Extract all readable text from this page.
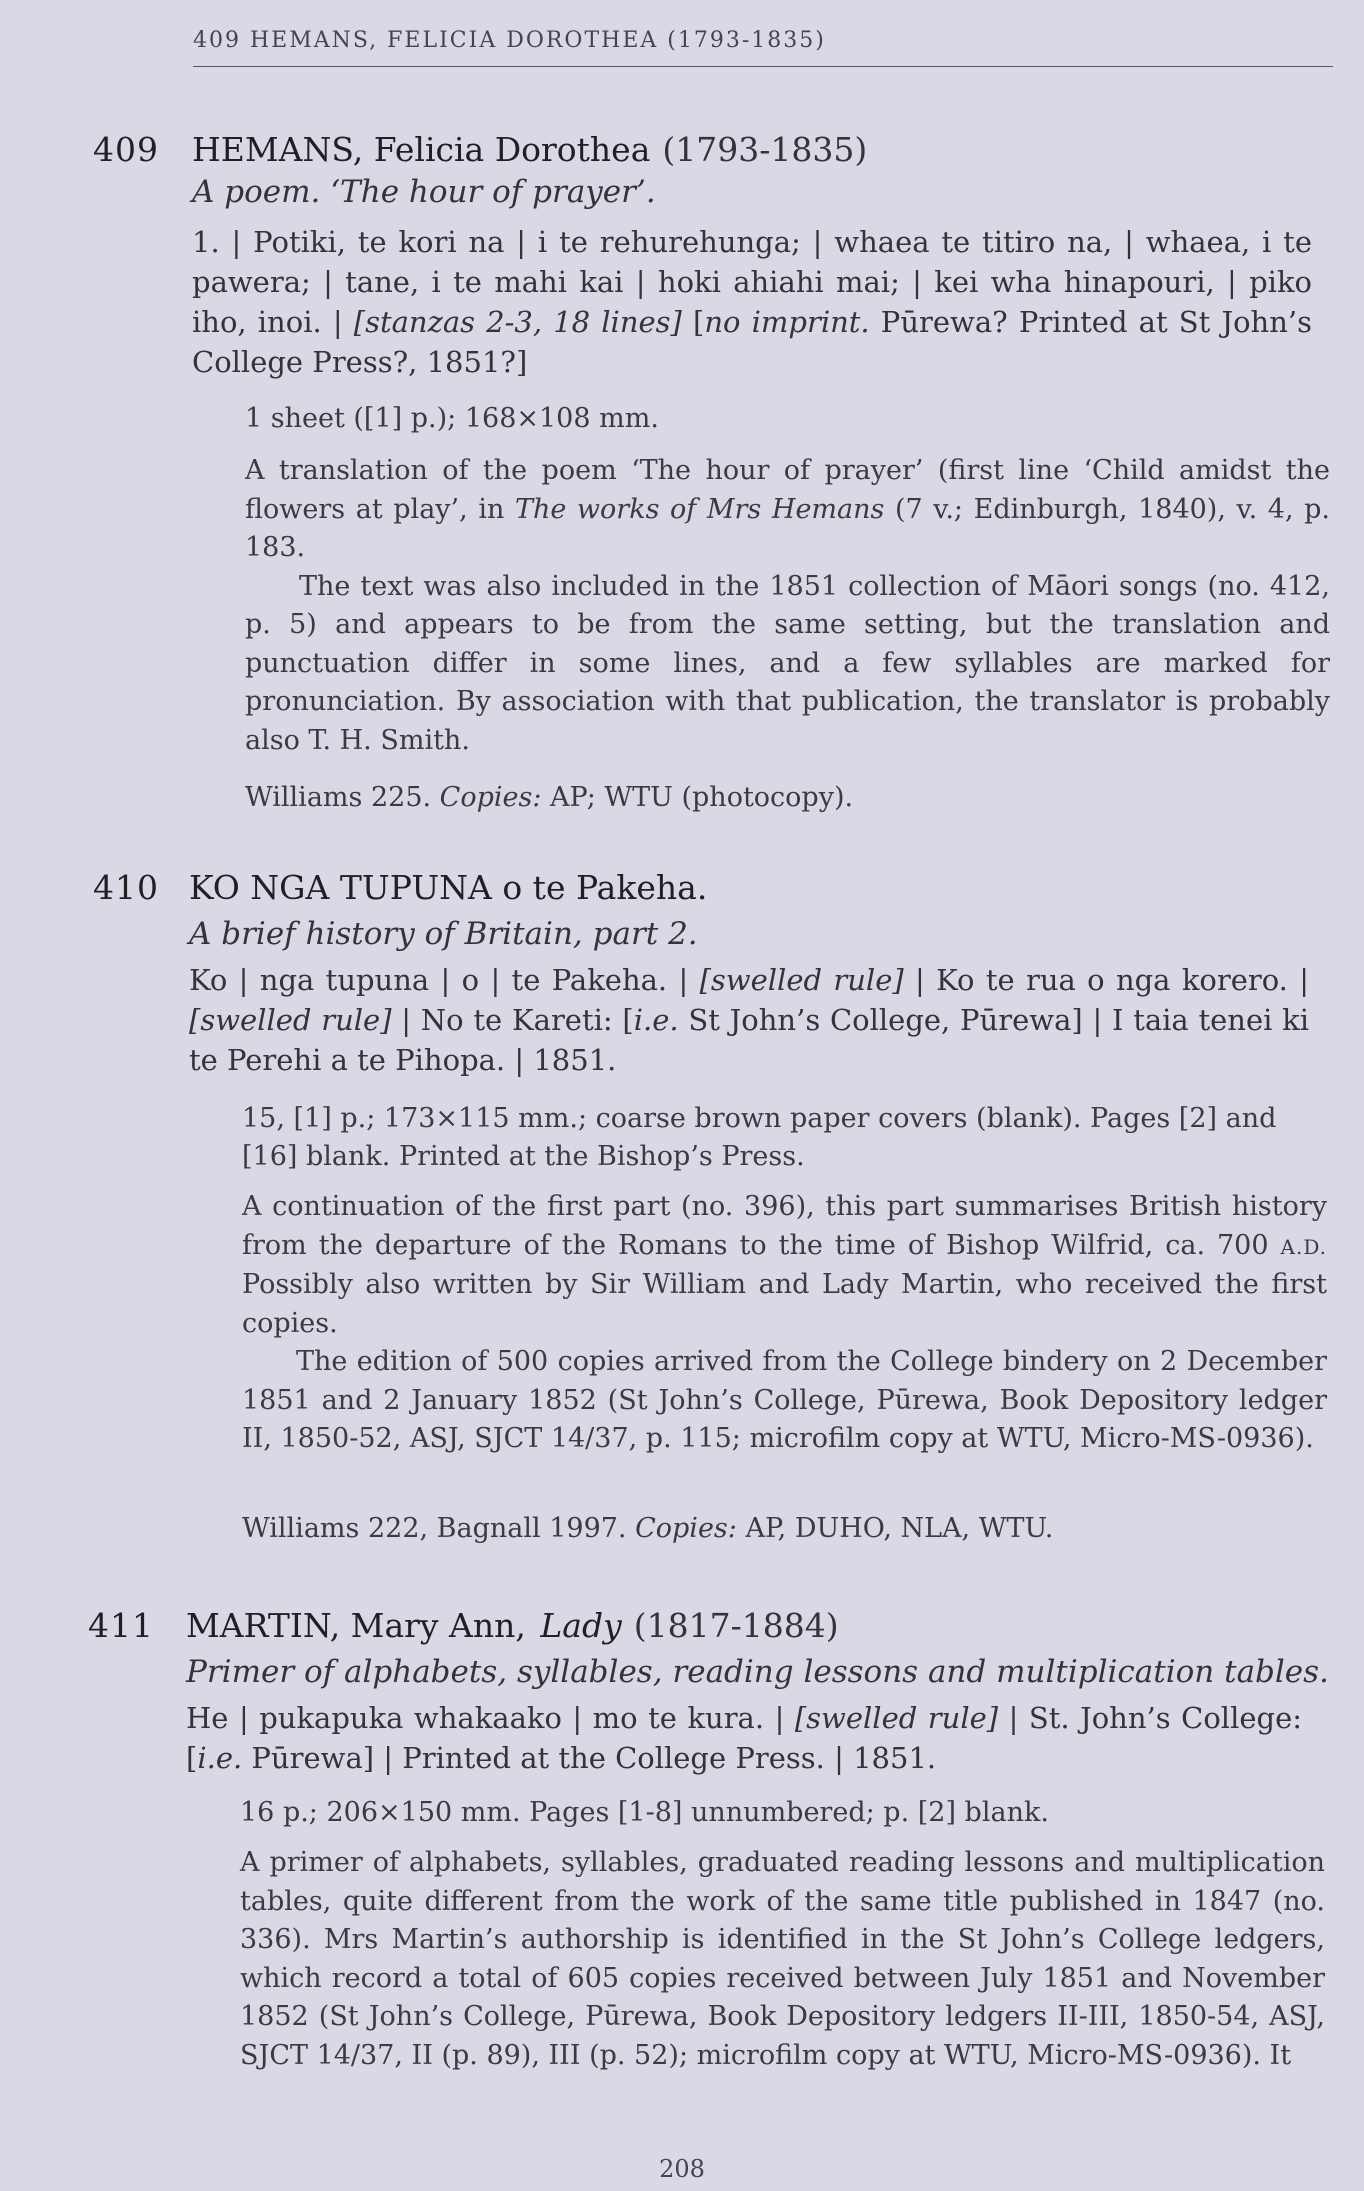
409 HEMANS, FELICIA DOROTHEA (1793-1835)
409 HEMANS, Felicia Dorothea (1793-1835)
A poem. ‘The hour of prayer’.
1. | Potiki, te kori na | i te rehurehunga; | whaea te titiro na, | whaea, i te pawera; | tane, i te mahi kai | hoki ahiahi mai; | kei wha hinapouri, | piko iho, inoi. | [stanzas 2-3, 18 lines] [no imprint. Pūrewa? Printed at St John’s College Press?, 1851?]
1 sheet ([1] p.); 168×108 mm.

A translation of the poem ‘The hour of prayer’ (first line ‘Child amidst the flowers at play’, in The works of Mrs Hemans (7 v.; Edinburgh, 1840), v. 4, p. 183.

The text was also included in the 1851 collection of Māori songs (no. 412, p. 5) and appears to be from the same setting, but the translation and punctuation differ in some lines, and a few syllables are marked for pronunciation. By association with that publication, the translator is probably also T. H. Smith.

Williams 225. Copies: AP; WTU (photocopy).
410 KO NGA TUPUNA o te Pakeha.
A brief history of Britain, part 2.
Ko | nga tupuna | o | te Pakeha. | [swelled rule] | Ko te rua o nga korero. | [swelled rule] | No te Kareti: [i.e. St John’s College, Pūrewa] | I taia tenei ki te Perehi a te Pihopa. | 1851.
15, [1] p.; 173×115 mm.; coarse brown paper covers (blank). Pages [2] and [16] blank. Printed at the Bishop’s Press.

A continuation of the first part (no. 396), this part summarises British history from the departure of the Romans to the time of Bishop Wilfrid, ca. 700 A.D. Possibly also written by Sir William and Lady Martin, who received the first copies.

The edition of 500 copies arrived from the College bindery on 2 December 1851 and 2 January 1852 (St John’s College, Pūrewa, Book Depository ledger II, 1850-52, ASJ, SJCT 14/37, p. 115; microfilm copy at WTU, Micro-MS-0936).

Williams 222, Bagnall 1997. Copies: AP, DUHO, NLA, WTU.
411 MARTIN, Mary Ann, Lady (1817-1884)
Primer of alphabets, syllables, reading lessons and multiplication tables.
He | pukapuka whakaako | mo te kura. | [swelled rule] | St. John’s College: [i.e. Pūrewa] | Printed at the College Press. | 1851.
16 p.; 206×150 mm. Pages [1-8] unnumbered; p. [2] blank.

A primer of alphabets, syllables, graduated reading lessons and multiplication tables, quite different from the work of the same title published in 1847 (no. 336). Mrs Martin’s authorship is identified in the St John’s College ledgers, which record a total of 605 copies received between July 1851 and November 1852 (St John’s College, Pūrewa, Book Depository ledgers II-III, 1850-54, ASJ, SJCT 14/37, II (p. 89), III (p. 52); microfilm copy at WTU, Micro-MS-0936). It

208
